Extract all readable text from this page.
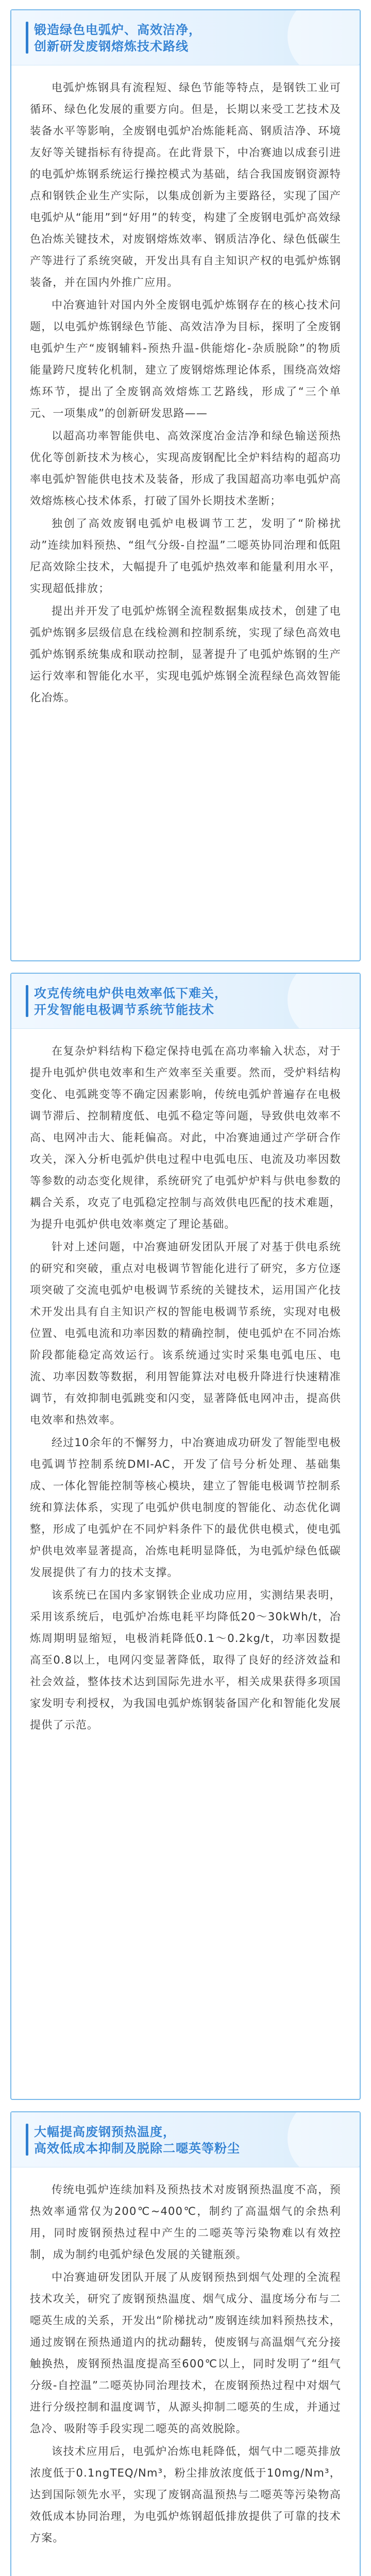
锻造绿色电弧炉、高效洁净，
创新研发废钢熔炼技术路线

电弧炉炼钢具有流程短、绿色节能等特点，是钢铁工业可循环、绿色化发展的重要方向。但是，长期以来受工艺技术及装备水平等影响，全废钢电弧炉冶炼能耗高、钢质洁净、环境友好等关键指标有待提高。在此背景下，中冶赛迪以成套引进的电弧炉炼钢系统运行操控模式为基础，结合我国废钢资源特点和钢铁企业生产实际，以集成创新为主要路径，实现了国产电弧炉从“能用”到“好用”的转变，构建了全废钢电弧炉高效绿色冶炼关键技术，对废钢熔炼效率、钢质洁净化、绿色低碳生产等进行了系统突破，开发出具有自主知识产权的电弧炉炼钢装备，并在国内外推广应用。

中冶赛迪针对国内外全废钢电弧炉炼钢存在的核心技术问题，以电弧炉炼钢绿色节能、高效洁净为目标，探明了全废钢电弧炉生产“废钢辅料-预热升温-供能熔化-杂质脱除”的物质能量跨尺度转化机制，建立了废钢熔炼理论体系，围绕高效熔炼环节，提出了全废钢高效熔炼工艺路线，形成了“三个单元、一项集成”的创新研发思路——

以超高功率智能供电、高效深度冶金洁净和绿色输送预热优化等创新技术为核心，实现高废钢配比全炉料结构的超高功率电弧炉智能供电技术及装备，形成了我国超高功率电弧炉高效熔炼核心技术体系，打破了国外长期技术垄断；

独创了高效废钢电弧炉电极调节工艺，发明了“阶梯扰动”连续加料预热、“组气分级-自控温”二噁英协同治理和低阻尼高效除尘技术，大幅提升了电弧炉热效率和能量利用水平，实现超低排放；

提出并开发了电弧炉炼钢全流程数据集成技术，创建了电弧炉炼钢多层级信息在线检测和控制系统，实现了绿色高效电弧炉炼钢系统集成和联动控制，显著提升了电弧炉炼钢的生产运行效率和智能化水平，实现电弧炉炼钢全流程绿色高效智能化冶炼。

攻克传统电炉供电效率低下难关，
开发智能电极调节系统节能技术

在复杂炉料结构下稳定保持电弧在高功率输入状态，对于提升电弧炉供电效率和生产效率至关重要。然而，受炉料结构变化、电弧跳变等不确定因素影响，传统电弧炉普遍存在电极调节滞后、控制精度低、电弧不稳定等问题，导致供电效率不高、电网冲击大、能耗偏高。对此，中冶赛迪通过产学研合作攻关，深入分析电弧炉供电过程中电弧电压、电流及功率因数等参数的动态变化规律，系统研究了电弧炉炉料与供电参数的耦合关系，攻克了电弧稳定控制与高效供电匹配的技术难题，为提升电弧炉供电效率奠定了理论基础。

针对上述问题，中冶赛迪研发团队开展了对基于供电系统的研究和突破，重点对电极调节智能化进行了研究，多方位逐项突破了交流电弧炉电极调节系统的关键技术，运用国产化技术开发出具有自主知识产权的智能电极调节系统，实现对电极位置、电弧电流和功率因数的精确控制，使电弧炉在不同冶炼阶段都能稳定高效运行。该系统通过实时采集电弧电压、电流、功率因数等数据，利用智能算法对电极升降进行快速精准调节，有效抑制电弧跳变和闪变，显著降低电网冲击，提高供电效率和热效率。

经过10余年的不懈努力，中冶赛迪成功研发了智能型电极电弧调节控制系统DMI-AC，开发了信号分析处理、基础集成、一体化智能控制等核心模块，建立了智能电极调节控制系统和算法体系，实现了电弧炉供电制度的智能化、动态优化调整，形成了电弧炉在不同炉料条件下的最优供电模式，使电弧炉供电效率显著提高，冶炼电耗明显降低，为电弧炉绿色低碳发展提供了有力的技术支撑。

该系统已在国内多家钢铁企业成功应用，实测结果表明，采用该系统后，电弧炉冶炼电耗平均降低20～30kWh/t，冶炼周期明显缩短，电极消耗降低0.1～0.2kg/t，功率因数提高至0.8以上，电网闪变显著降低，取得了良好的经济效益和社会效益，整体技术达到国际先进水平，相关成果获得多项国家发明专利授权，为我国电弧炉炼钢装备国产化和智能化发展提供了示范。

大幅提高废钢预热温度，
高效低成本抑制及脱除二噁英等粉尘

传统电弧炉连续加料及预热技术对废钢预热温度不高，预热效率通常仅为200℃~400℃，制约了高温烟气的余热利用，同时废钢预热过程中产生的二噁英等污染物难以有效控制，成为制约电弧炉绿色发展的关键瓶颈。

中冶赛迪研发团队开展了从废钢预热到烟气处理的全流程技术攻关，研究了废钢预热温度、烟气成分、温度场分布与二噁英生成的关系，开发出“阶梯扰动”废钢连续加料预热技术，通过废钢在预热通道内的扰动翻转，使废钢与高温烟气充分接触换热，废钢预热温度提高至600℃以上，同时发明了“组气分级-自控温”二噁英协同治理技术，在废钢预热过程中对烟气进行分级控制和温度调节，从源头抑制二噁英的生成，并通过急冷、吸附等手段实现二噁英的高效脱除。

该技术应用后，电弧炉冶炼电耗降低，烟气中二噁英排放浓度低于0.1ngTEQ/Nm³，粉尘排放浓度低于10mg/Nm³，达到国际领先水平，实现了废钢高温预热与二噁英等污染物高效低成本协同治理，为电弧炉炼钢超低排放提供了可靠的技术方案。
